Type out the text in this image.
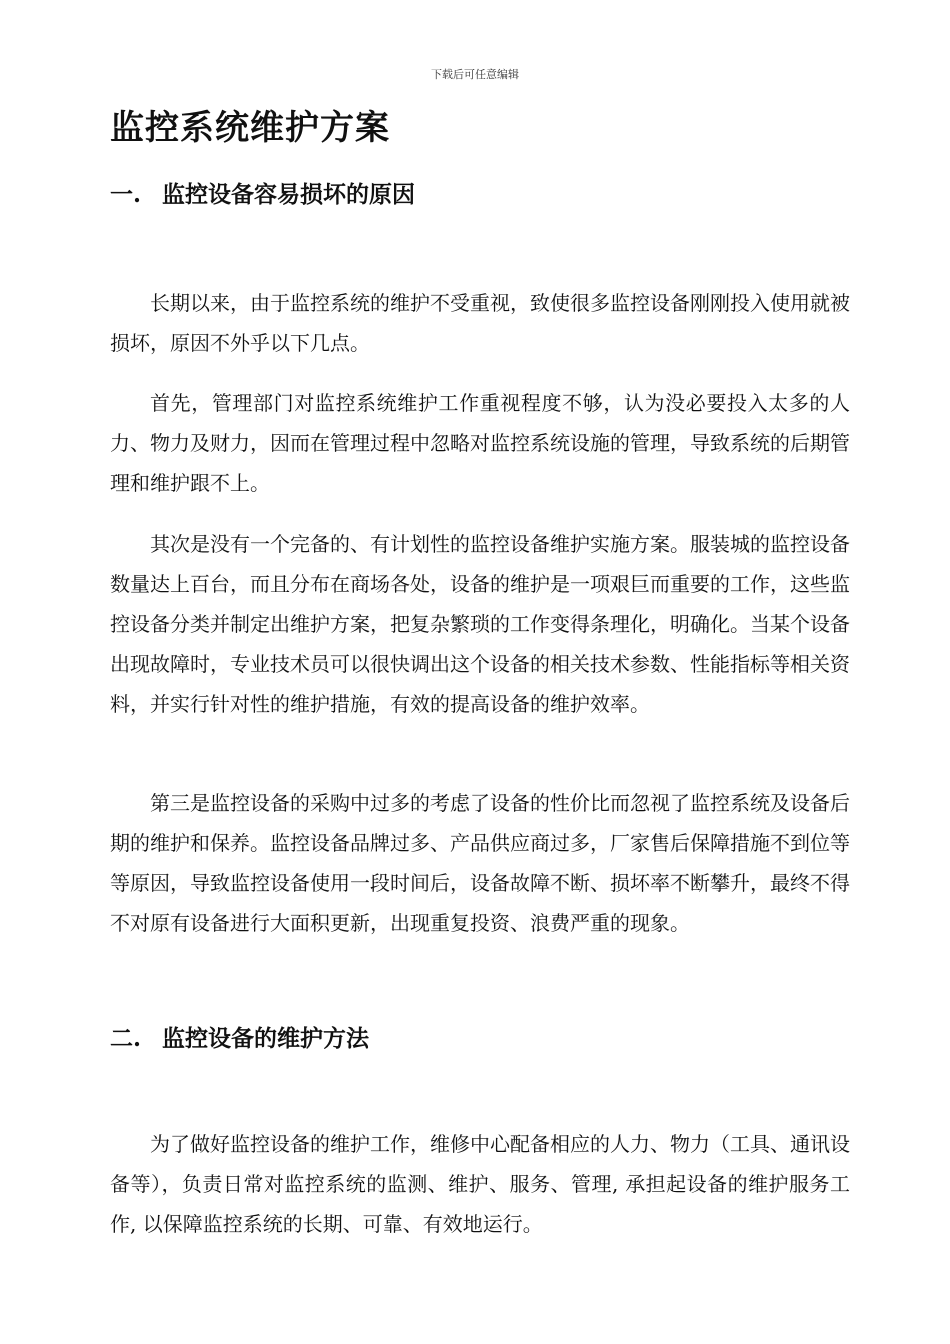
下载后可任意编辑
监控系统维护方案
一. 监控设备容易损坏的原因

长期以来，由于监控系统的维护不受重视，致使很多监控设备刚刚投入使用就被损坏，原因不外乎以下几点。

首先，管理部门对监控系统维护工作重视程度不够，认为没必要投入太多的人力、物力及财力，因而在管理过程中忽略对监控系统设施的管理，导致系统的后期管理和维护跟不上。

其次是没有一个完备的、有计划性的监控设备维护实施方案。服装城的监控设备数量达上百台，而且分布在商场各处，设备的维护是一项艰巨而重要的工作，这些监控设备分类并制定出维护方案，把复杂繁琐的工作变得条理化，明确化。当某个设备出现故障时，专业技术员可以很快调出这个设备的相关技术参数、性能指标等相关资料，并实行针对性的维护措施，有效的提高设备的维护效率。

第三是监控设备的采购中过多的考虑了设备的性价比而忽视了监控系统及设备后期的维护和保养。监控设备品牌过多、产品供应商过多，厂家售后保障措施不到位等等原因，导致监控设备使用一段时间后，设备故障不断、损坏率不断攀升，最终不得不对原有设备进行大面积更新，出现重复投资、浪费严重的现象。

二. 监控设备的维护方法

为了做好监控设备的维护工作，维修中心配备相应的人力、物力（工具、通讯设备等），负责日常对监控系统的监测、维护、服务、管理, 承担起设备的维护服务工作, 以保障监控系统的长期、可靠、有效地运行。
